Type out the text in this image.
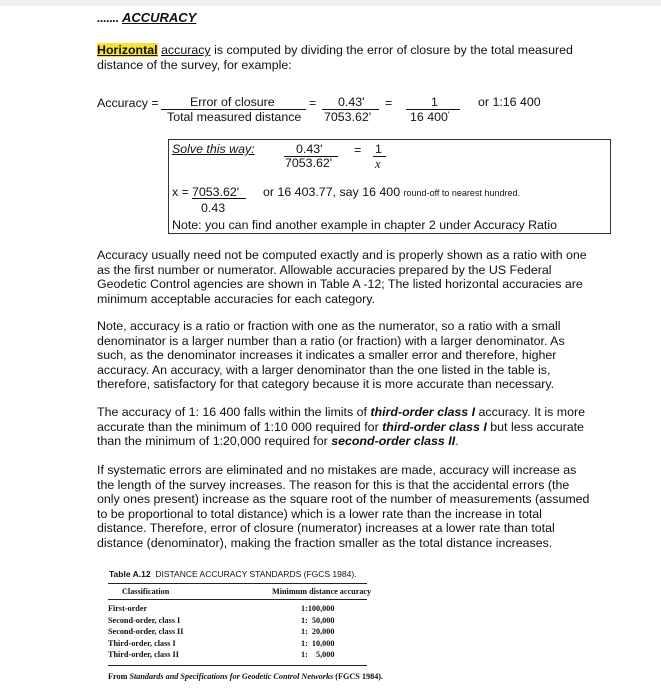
....... ACCURACY
Horizontal accuracy is computed by dividing the error of closure by the total measured
distance of the survey, for example:
Accuracy =	Error of closure
Total measured distance
= 0.43'
7053.62'
=	1
16 400'
or 1:16 400
Solve this way:	0.43'
7053.62'
= 1
x
x = 7053.62'
0.43
or 16 403.77, say 16 400 round-off to nearest hundred.
Note: you can find another example in chapter 2 under Accuracy Ratio
Accuracy usually need not be computed exactly and is properly shown as a ratio with one
as the first number or numerator. Allowable accuracies prepared by the US Federal
Geodetic Control agencies are shown in Table A -12; The listed horizontal accuracies are
minimum acceptable accuracies for each category.
Note, accuracy is a ratio or fraction with one as the numerator, so a ratio with a small
denominator is a larger number than a ratio (or fraction) with a larger denominator. As
such, as the denominator increases it indicates a smaller error and therefore, higher
accuracy. An accuracy, with a larger denominator than the one listed in the table is,
therefore, satisfactory for that category because it is more accurate than necessary.
The accuracy of 1: 16 400 falls within the limits of third-order class I accuracy. It is more
accurate than the minimum of 1:10 000 required for third-order class I but less accurate
than the minimum of 1:20,000 required for second-order class II.
If systematic errors are eliminated and no mistakes are made, accuracy will increase as
the length of the survey increases. The reason for this is that the accidental errors (the
only ones present) increase as the square root of the number of measurements (assumed
to be proportional to total distance) which is a lower rate than the increase in total
distance. Therefore, error of closure (numerator) increases at a lower rate than total
distance (denominator), making the fraction smaller as the total distance increases.
Table A.12 DISTANCE ACCURACY STANDARDS (FGCS 1984).
Classification	Minimum distance accuracy
First-order	1:100,000
Second-order, class I	1:  50,000
Second-order, class II	1:  20,000
Third-order, class I	1:  10,000
Third-order, class II	1:    5,000
From Standards and Specifications for Geodetic Control Networks (FGCS 1984).
